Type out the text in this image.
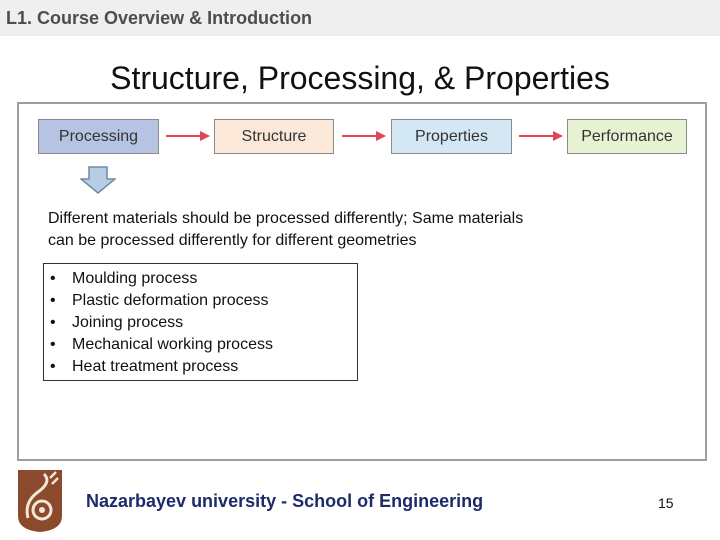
L1. Course Overview & Introduction
Structure, Processing, & Properties
Processing	Structure	Properties	Performance
Different materials should be processed differently; Same materials can be processed differently for different geometries
• Moulding process
• Plastic deformation process
• Joining process
• Mechanical working process
• Heat treatment process
Nazarbayev university - School of Engineering	15
